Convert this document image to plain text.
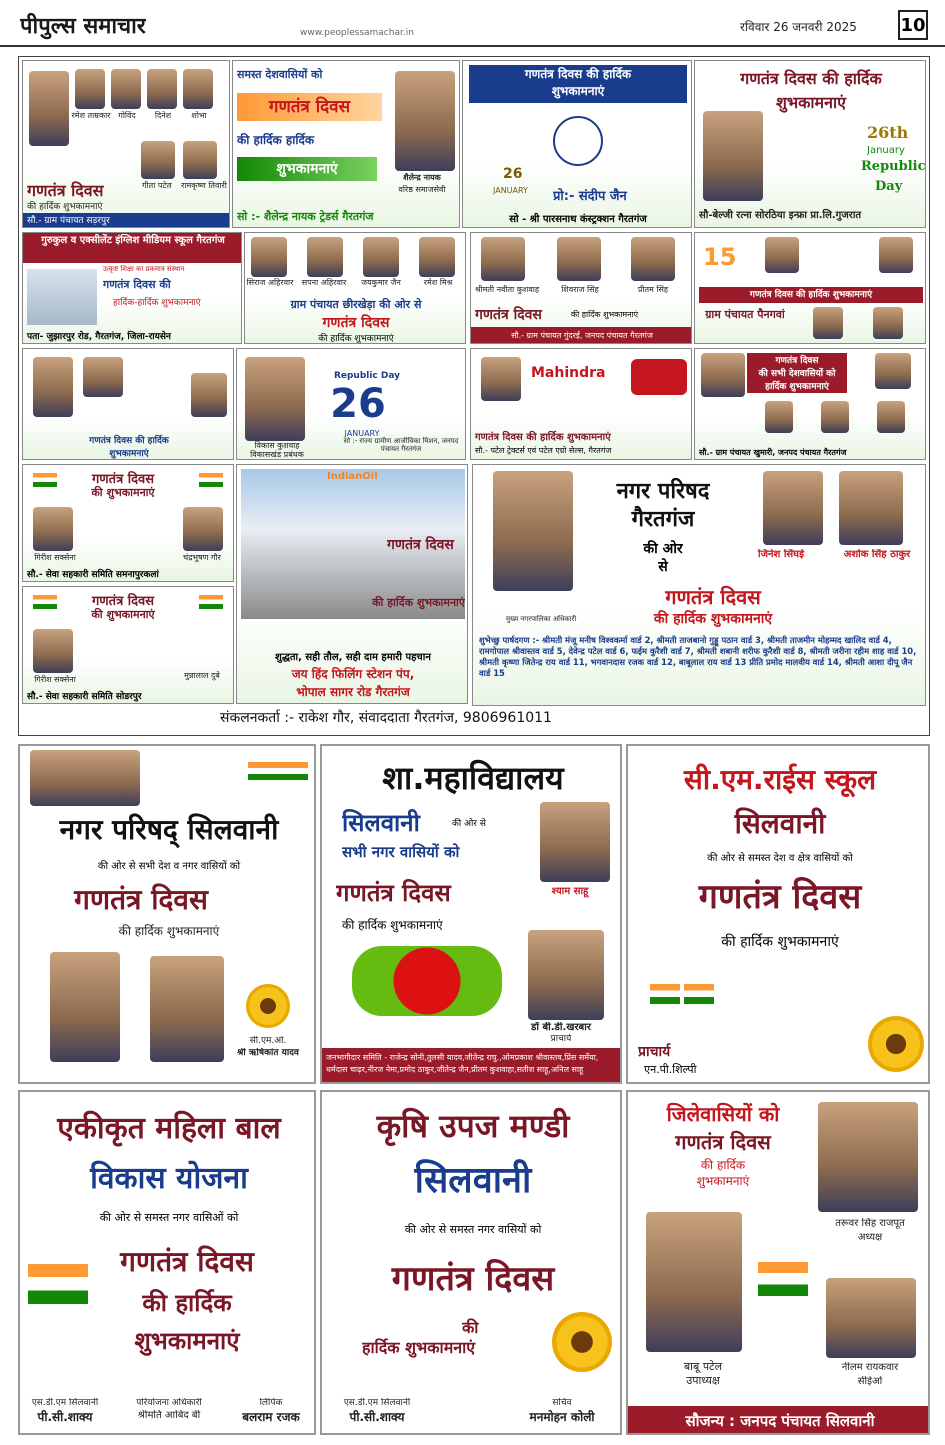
पीपुल्स समाचार	www.peoplessamachar.in	रविवार 26 जनवरी 2025 10
रमेश ताम्रकार गोविंद	दिनेश	शोभा
गीता पटेल	रामकृष्ण तिवारी
गणतंत्र दिवस
की हार्दिक शुभकामनाएं
सौ.- ग्राम पंचायत सड़रपुर
समस्त देशवासियों को
गणतंत्र दिवस
की हार्दिक हार्दिक
शुभकामनाएं
शैलेन्द्र नायक
वरिष्ठ समाजसेवी
सो :- शैलेन्द्र नायक ट्रेडर्स गैरतगंज
गणतंत्र दिवस की हार्दिक
शुभकामनाएं
26
JANUARY	प्रो:- संदीप जैन
सो - श्री पारसनाथ कंस्ट्रक्शन गैरतगंज
गणतंत्र दिवस की हार्दिक
शुभकामनाएं
26th
January
Republic
Day
सौ-बेल्जी रत्ना सोरठिया इन्फ्रा प्रा.लि.गुजरात
गुरुकुल व एक्सीलेंट इंग्लिश मीडियम स्कूल गैरतगंज
उत्कृष्ट शिक्षा का प्रकमात्र संस्थान
गणतंत्र दिवस की
हार्दिक-हार्दिक शुभकामनाएं
पता- जुझारपुर रोड, गैरतगंज, जिला-रायसेन
सिराज अहिरवार	सपना अहिरवार	जयकुमार जैन	रमेश मिश्र
ग्राम पंचायत छीरखेड़ा की ओर से
गणतंत्र दिवस
की हार्दिक शुभकामनाएं
श्रीमती नवीता कुशवाह	शिवराज सिंह	प्रीतम सिंह
गणतंत्र दिवस	की हार्दिक शुभकामनाएं
सौ.- ग्राम पंचायत गुंदरई, जनपद पंचायत गैरतगंज
15
गणतंत्र दिवस की हार्दिक शुभकामनाएं
ग्राम पंचायत पैनगवां
गणतंत्र दिवस की हार्दिक
शुभकामनाएं
Republic Day
26
JANUARY
विकास कुशवाह
विकासखंड प्रबंधक
सो :- राज्य ग्रामीण आजीविका मिशन, जनपद पंचायत गैरतगंज
Mahindra
गणतंत्र दिवस की हार्दिक शुभकामनाएं
सौ.- पटेल ट्रेक्टर्स एवं पटेल एग्रो सेल्स, गैरतगंज
गणतंत्र दिवस
की सभी देशवासियों को हार्दिक शुभकामनाएं
सौ.- ग्राम पंचायत खुमारी, जनपद पंचायत गैरतगंज
गणतंत्र दिवस
की शुभकामनाएं
गिरीश सक्सेना	चंद्रभूषण गौर
सौ.- सेवा सहकारी समिति समनापुरकलां
गणतंत्र दिवस
की शुभकामनाएं
गिरीश सक्सेना	मुन्नालाल दुबे
सौ.- सेवा सहकारी समिति सोडरपुर
IndianOil
गणतंत्र दिवस
की हार्दिक शुभकामनाएं
शुद्धता, सही तौल, सही दाम हमारी पहचान
जय हिंद फिलिंग स्टेशन पंप,
भोपाल सागर रोड गैरतगंज
नगर परिषद
गैरतगंज
की ओर
से
जिनेश सिंघई	अशोक सिंह ठाकुर
मुख्य नगरपालिका अधिकारी
गणतंत्र दिवस
की हार्दिक शुभकामनाएं
शुभेच्छु पार्षदगण :- श्रीमती मंजू मनीष विश्वकर्मा वार्ड 2, श्रीमती ताजबानो गुड्डू पठान वार्ड 3, श्रीमती ताजमीन मोहम्मद खालिद वार्ड 4, रामगोपाल श्रीवास्तव वार्ड 5, देवेन्द्र पटेल वार्ड 6, फईम कुरैशी वार्ड 7, श्रीमती शबानी शरीफ कुरैशी वार्ड 8, श्रीमती जरीना रहीम शाह वार्ड 10, श्रीमती कृष्णा जितेन्द्र राय वार्ड 11, भगवानदास रजक वार्ड 12, बाबूलाल राय वार्ड 13 प्रीति प्रमोद मालवीय वार्ड 14, श्रीमती आशा दीपू जैन वार्ड 15
संकलनकर्ता :- राकेश गौर, संवाददाता गैरतगंज, 9806961011
नगर परिषद् सिलवानी
की ओर से सभी देश व नगर वासियों को
गणतंत्र दिवस
की हार्दिक शुभकामनाएं
सी.एम.ओ.
श्री ऋषिकांत यादव
शा.महाविद्यालय
सिलवानी	की ओर से
सभी नगर वासियों को
गणतंत्र दिवस
की हार्दिक शुभकामनाएं
श्याम साहू
डॉ बी.डी.खरबार
प्राचार्य
जनभागीदार समिति - राजेन्द्र सोनी,तुलसी यादव,जीतेन्द्र राघु.,ओमप्रकाश श्रीवास्तव,प्रिंस सर्मेया, धर्मदास चाढ़र,नीरज नेमा,प्रमोद ठाकुर,जीतेन्द्र जैन,प्रीतम कुशवाहा,सतीश साहू,अनिल साहू
सी.एम.राईस स्कूल
सिलवानी
की ओर से समस्त देश व क्षेत्र वासियों को
गणतंत्र दिवस
की हार्दिक शुभकामनाएं
प्राचार्य
एन.पी.शिल्पी
एकीकृत महिला बाल
विकास योजना
की ओर से समस्त नगर वासिओं को
गणतंत्र दिवस
की हार्दिक
शुभकामनाएं
एस.डी.एम सिलवानी
पी.सी.शाक्य
परियोजना अधिकारी
श्रीमति आबिद बी
लिपिक
बलराम रजक
कृषि उपज मण्डी
सिलवानी
की ओर से समस्त नगर वासियों को
गणतंत्र दिवस
की
हार्दिक शुभकामनाएं
एस.डी.एम सिलवानी
पी.सी.शाक्य
सचिव
मनमोहन कोली
जिलेवासियों को
गणतंत्र दिवस
की हार्दिक
शुभकामनाएं
तरूवर सिंह राजपूत
अध्यक्ष
बाबू पटेल
उपाध्यक्ष
नीलम रायकवार
सीईओ
सौजन्य : जनपद पंचायत सिलवानी
